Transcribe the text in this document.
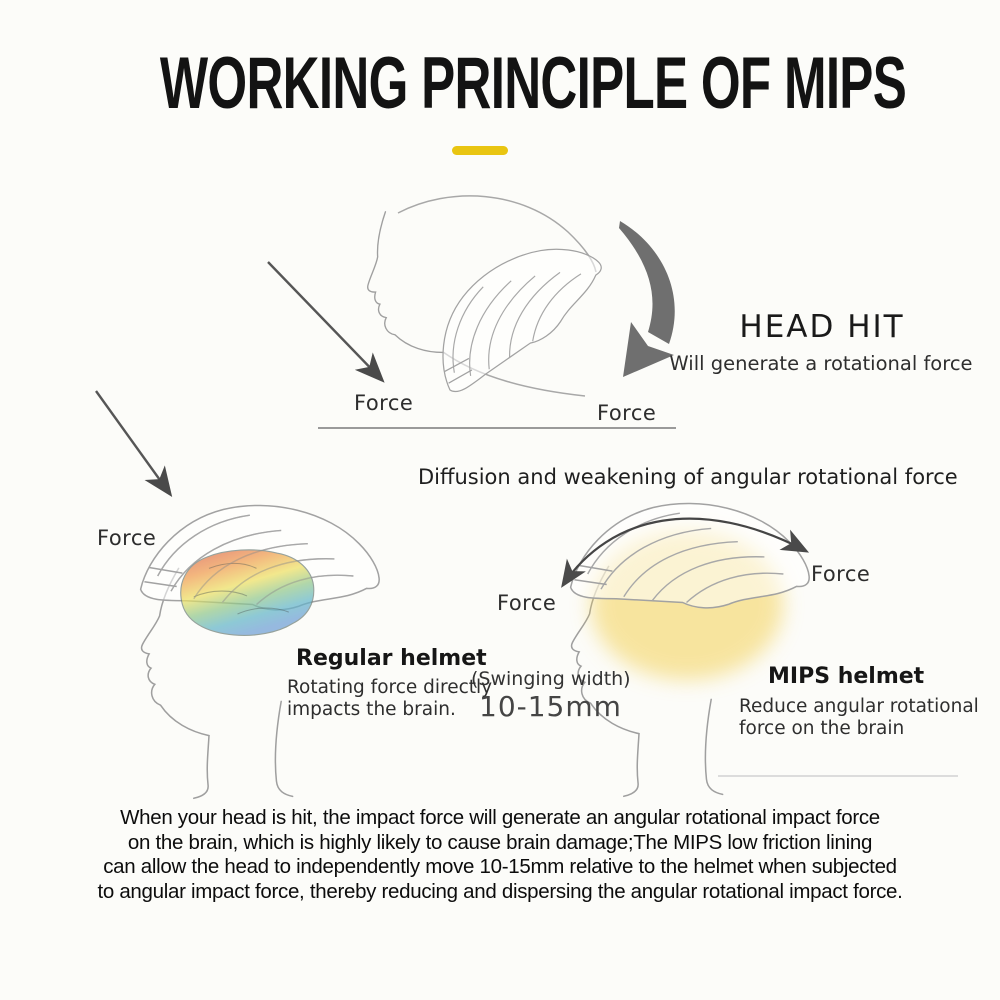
WORKING PRINCIPLE OF MIPS
HEAD HIT
Will generate a rotational force
Force	Force
Diffusion and weakening of angular rotational force
Force
Regular helmet
Rotating force directly
impacts the brain.
(Swinging width)
10-15mm
Force
Force
MIPS helmet
Reduce angular rotational
force on the brain
When your head is hit, the impact force will generate an angular rotational impact force
on the brain, which is highly likely to cause brain damage;The MIPS low friction lining
can allow the head to independently move 10-15mm relative to the helmet when subjected
to angular impact force, thereby reducing and dispersing the angular rotational impact force.
